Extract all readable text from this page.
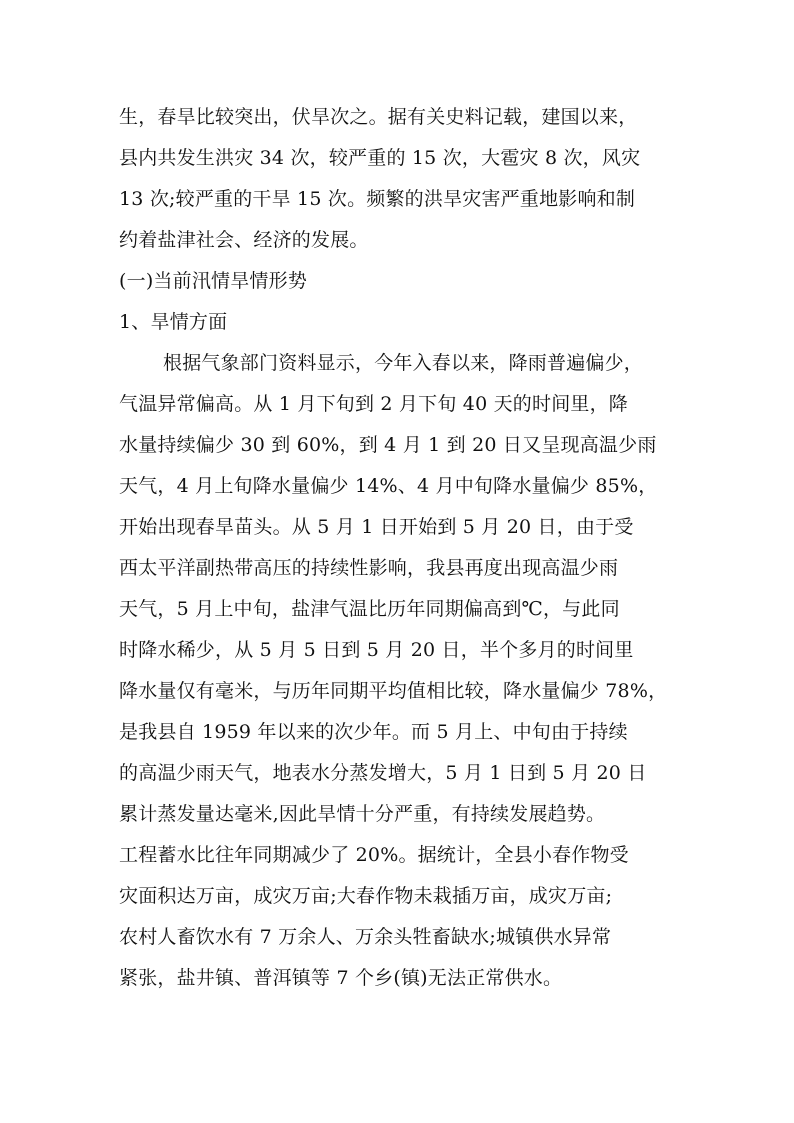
生，春旱比较突出，伏旱次之。据有关史料记载，建国以来，
县内共发生洪灾 34 次，较严重的 15 次，大雹灾 8 次，风灾
13 次;较严重的干旱 15 次。频繁的洪旱灾害严重地影响和制
约着盐津社会、经济的发展。
(一)当前汛情旱情形势
1、旱情方面
根据气象部门资料显示，今年入春以来，降雨普遍偏少，
气温异常偏高。从 1 月下旬到 2 月下旬 40 天的时间里，降
水量持续偏少 30 到 60%，到 4 月 1 到 20 日又呈现高温少雨
天气，4 月上旬降水量偏少 14%、4 月中旬降水量偏少 85%，
开始出现春旱苗头。从 5 月 1 日开始到 5 月 20 日，由于受
西太平洋副热带高压的持续性影响，我县再度出现高温少雨
天气，5 月上中旬，盐津气温比历年同期偏高到℃，与此同
时降水稀少，从 5 月 5 日到 5 月 20 日，半个多月的时间里
降水量仅有毫米，与历年同期平均值相比较，降水量偏少 78%，
是我县自 1959 年以来的次少年。而 5 月上、中旬由于持续
的高温少雨天气，地表水分蒸发增大，5 月 1 日到 5 月 20 日
累计蒸发量达毫米,因此旱情十分严重，有持续发展趋势。
工程蓄水比往年同期减少了 20%。据统计，全县小春作物受
灾面积达万亩，成灾万亩;大春作物未栽插万亩，成灾万亩;
农村人畜饮水有 7 万余人、万余头牲畜缺水;城镇供水异常
紧张，盐井镇、普洱镇等 7 个乡(镇)无法正常供水。
